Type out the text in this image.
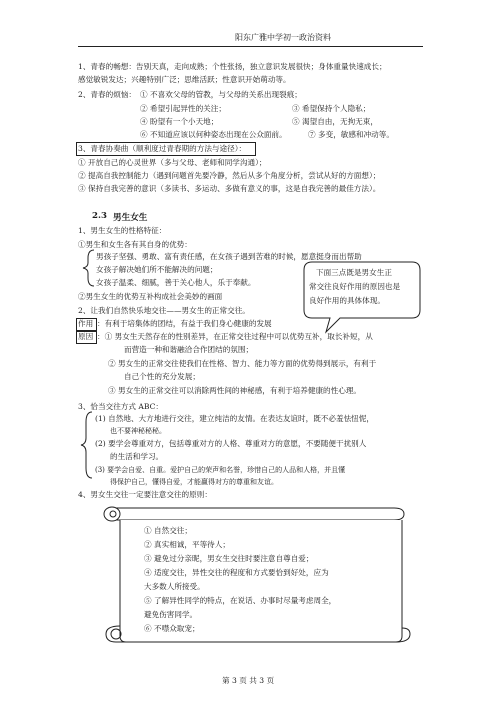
阳东广雅中学初一政治资料
1、青春的畅想：告别天真，走向成熟；个性张扬，独立意识发展很快；身体重量快速成长；
感觉敏锐发达；兴趣特别广泛；思维活跃；性意识开始萌动等。
2、青春的烦恼： ① 不喜欢父母的管教，与父母的关系出现裂痕；
② 希望引起异性的关注；	③ 希望保持个人隐私；
④ 盼望有一个小天地；	⑤ 渴望自由，无拘无束，
⑥ 不知道应该以何种姿态出现在公众面前。	⑦ 多变，敏感和冲动等。
3、青春协奏曲（顺利度过青春期的方法与途径）：
① 开放自己的心灵世界（多与父母、老师和同学沟通）；
② 提高自我控制能力（遇到问题首先要冷静，然后从多个角度分析，尝试从好的方面想）；
③ 保持自我完善的意识（多读书、多运动、多做有意义的事，这是自我完善的最佳方法）。
2.3 男生女生
1、男生女生的性格特征：
①男生和女生各有其自身的优势：
男孩子坚强、勇敢、富有责任感，在女孩子遇到苦难的时候，愿意挺身而出帮助
女孩子解决她们所不能解决的问题；
女孩子温柔、细腻，善于关心他人，乐于奉献。
②男生女生的优势互补构成社会美妙的画面
下面三点既是男女生正
常交往良好作用的原因也是
良好作用的具体体现。
2、让我们自然快乐地交往——男女生的正常交往。
作用 ：有利于培集体的团结，有益于我们身心健康的发展
原因 ：① 男女生天然存在的性别差异，在正常交往过程中可以优势互补，取长补短，从
而营造一种和谐融洽合作团结的氛围；
② 男女生的正常交往使我们在性格、智力、能力等方面的优势得到展示，有利于
自己个性的充分发展；
③ 男女生的正常交往可以消除两性间的神秘感，有利于培养健康的性心理。
3、恰当交往方式 ABC：
(1) 自然地、大方地进行交往，建立纯洁的友情。在表达友谊时，既不必羞怯忸怩，
也不要神秘秘秘。
(2) 要学会尊重对方，包括尊重对方的人格、尊重对方的意愿，不要随便干扰别人
的生活和学习。
(3) 要学会自爱、自重。爱护自己的荣声和名誉，珍惜自己的人品和人格，并且懂
得保护自己，懂得自爱，才能赢得对方的尊重和友谊。
4、男女生交往一定要注意交往的原则：
① 自然交往；
② 真实相诚，平等待人；
③ 避免过分亲昵，男女生交往时要注意自尊自爱；
④ 适度交往，异性交往的程度和方式要恰到好处，应为
大多数人所接受。
⑤ 了解异性同学的特点，在说话、办事时尽量考虑周全，
避免伤害同学。
⑥ 不噤众取宠；
第 3 页 共 3 页
